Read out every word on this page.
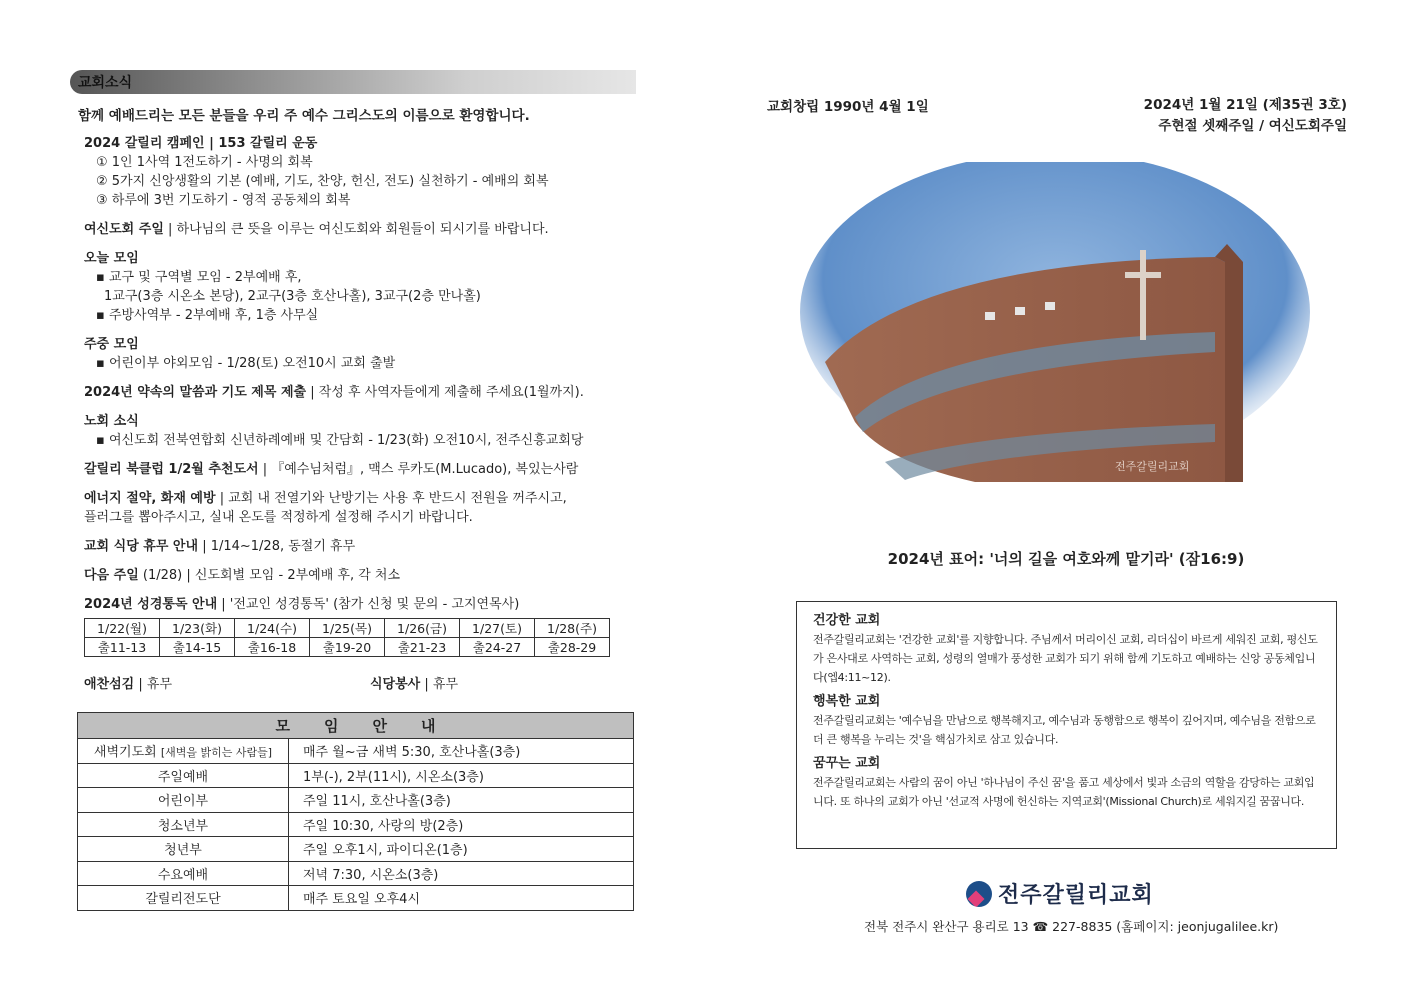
교회소식
함께 예배드리는 모든 분들을 우리 주 예수 그리스도의 이름으로 환영합니다.
2024 갈릴리 캠페인 | 153 갈릴리 운동
① 1인 1사역 1전도하기 - 사명의 회복
② 5가지 신앙생활의 기본 (예배, 기도, 찬양, 헌신, 전도) 실천하기 - 예배의 회복
③ 하루에 3번 기도하기 - 영적 공동체의 회복
여신도회 주일 | 하나님의 큰 뜻을 이루는 여신도회와 회원들이 되시기를 바랍니다.
오늘 모임
▪ 교구 및 구역별 모임 - 2부예배 후,
1교구(3층 시온소 본당), 2교구(3층 호산나홀), 3교구(2층 만나홀)
▪ 주방사역부 - 2부예배 후, 1층 사무실
주중 모임
▪ 어린이부 야외모임 - 1/28(토) 오전10시 교회 출발
2024년 약속의 말씀과 기도 제목 제출 | 작성 후 사역자들에게 제출해 주세요(1월까지).
노회 소식
▪ 여신도회 전북연합회 신년하례예배 및 간담회 - 1/23(화) 오전10시, 전주신흥교회당
갈릴리 북클럽 1/2월 추천도서 | 『예수님처럼』, 맥스 루카도(M.Lucado), 복있는사람
에너지 절약, 화재 예방 | 교회 내 전열기와 난방기는 사용 후 반드시 전원을 꺼주시고,
플러그를 뽑아주시고, 실내 온도를 적정하게 설정해 주시기 바랍니다.
교회 식당 휴무 안내 | 1/14~1/28, 동절기 휴무
다음 주일 (1/28) | 신도회별 모임 - 2부예배 후, 각 처소
2024년 성경통독 안내 | '전교인 성경통독' (참가 신청 및 문의 - 고지연목사)
1/22(월)	1/23(화)	1/24(수)	1/25(목)	1/26(금)	1/27(토)	1/28(주)
출11-13	출14-15	출16-18	출19-20	출21-23	출24-27	출28-29
애찬섬김 | 휴무	식당봉사 | 휴무
모임안내	
새벽기도회 [새벽을 밝히는 사람들]	매주 월~금 새벽 5:30, 호산나홀(3층)
주일예배	1부(-), 2부(11시), 시온소(3층)
어린이부	주일 11시, 호산나홀(3층)
청소년부	주일 10:30, 사랑의 방(2층)
청년부	주일 오후1시, 파이디온(1층)
수요예배	저녁 7:30, 시온소(3층)
갈릴리전도단	매주 토요일 오후4시
교회창립 1990년 4월 1일	2024년 1월 21일 (제35권 3호)
주현절 셋째주일 / 여신도회주일
전주갈릴리교회
2024년 표어: '너의 길을 여호와께 맡기라' (잠16:9)
건강한 교회
전주갈릴리교회는 '건강한 교회'를 지향합니다. 주님께서 머리이신 교회, 리더십이 바르게 세워진 교회, 평신도가 은사대로 사역하는 교회, 성령의 열매가 풍성한 교회가 되기 위해 함께 기도하고 예배하는 신앙 공동체입니다(엡4:11~12).
행복한 교회
전주갈릴리교회는 '예수님을 만남으로 행복해지고, 예수님과 동행함으로 행복이 깊어지며, 예수님을 전함으로 더 큰 행복을 누리는 것'을 핵심가치로 삼고 있습니다.
꿈꾸는 교회
전주갈릴리교회는 사람의 꿈이 아닌 '하나님이 주신 꿈'을 품고 세상에서 빛과 소금의 역할을 감당하는 교회입니다. 또 하나의 교회가 아닌 '선교적 사명에 헌신하는 지역교회'(Missional Church)로 세워지길 꿈꿉니다.
전주갈릴리교회
전북 전주시 완산구 용리로 13 ☎ 227-8835 (홈페이지: jeonjugalilee.kr)
